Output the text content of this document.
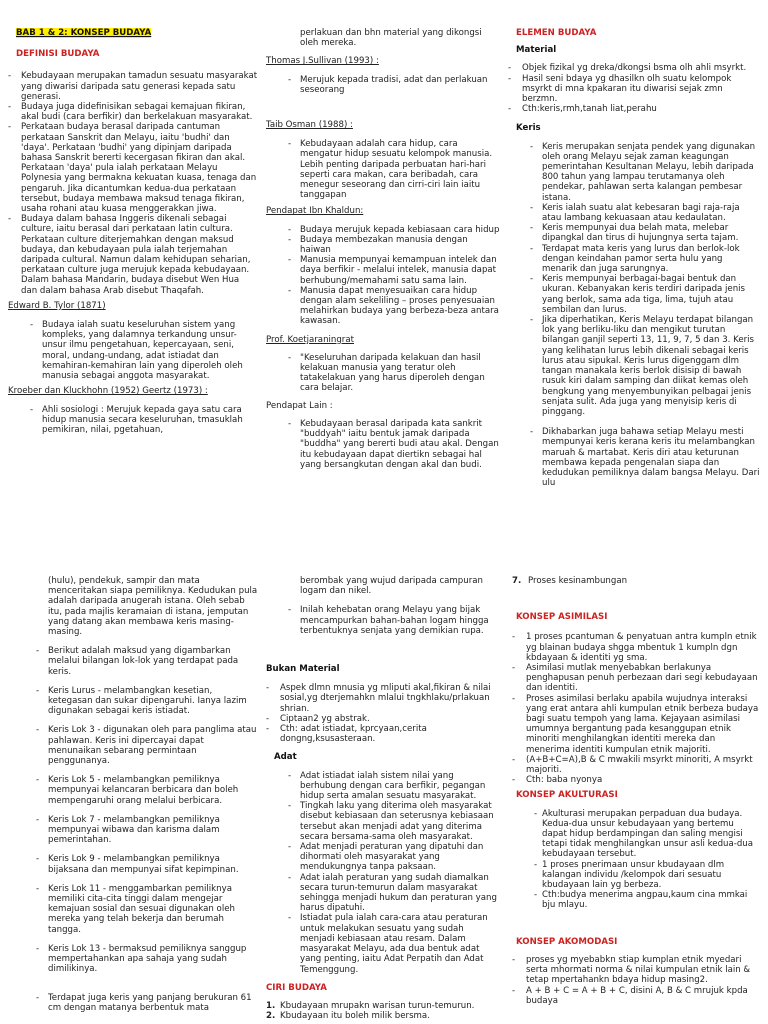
BAB 1 & 2: KONSEP BUDAYA

DEFINISI BUDAYA

- Kebudayaan merupakan tamadun sesuatu masyarakat yang diwarisi daripada satu generasi kepada satu generasi.
- Budaya juga didefinisikan sebagai kemajuan fikiran, akal budi (cara berfikir) dan berkelakuan masyarakat.
- Perkataan budaya berasal daripada cantuman perkataan Sanskrit dan Melayu, iaitu 'budhi' dan 'daya'. Perkataan 'budhi' yang dipinjam daripada bahasa Sanskrit bererti kecergasan fikiran dan akal. Perkataan 'daya' pula ialah perkataan Melayu Polynesia yang bermakna kekuatan kuasa, tenaga dan pengaruh. Jika dicantumkan kedua-dua perkataan tersebut, budaya membawa maksud tenaga fikiran, usaha rohani atau kuasa menggerakkan jiwa.
- Budaya dalam bahasa Inggeris dikenali sebagai culture, iaitu berasal dari perkataan latin cultura. Perkataan culture diterjemahkan dengan maksud budaya, dan kebudayaan pula ialah terjemahan daripada cultural. Namun dalam kehidupan seharian, perkataan culture juga merujuk kepada kebudayaan. Dalam bahasa Mandarin, budaya disebut Wen Hua dan dalam bahasa Arab disebut Thaqafah.

Edward B. Tylor (1871)

- Budaya ialah suatu keseluruhan sistem yang kompleks, yang dalamnya terkandung unsur-unsur ilmu pengetahuan, kepercayaan, seni, moral, undang-undang, adat istiadat dan kemahiran-kemahiran lain yang diperoleh oleh manusia sebagai anggota masyarakat.

Kroeber dan Kluckhohn (1952) Geertz (1973) :

- Ahli sosiologi : Merujuk kepada gaya satu cara hidup manusia secara keseluruhan, tmasuklah pemikiran, nilai, pgetahuan,

perlakuan dan bhn material yang dikongsi oleh mereka.

Thomas J.Sullivan (1993) :

- Merujuk kepada tradisi, adat dan perlakuan seseorang

Taib Osman (1988) :

- Kebudayaan adalah cara hidup, cara mengatur hidup sesuatu kelompok manusia. Lebih penting daripada perbuatan hari-hari seperti cara makan, cara beribadah, cara menegur seseorang dan cirri-ciri lain iaitu tanggapan

Pendapat Ibn Khaldun:

- Budaya merujuk kepada kebiasaan cara hidup
- Budaya membezakan manusia dengan haiwan
- Manusia mempunyai kemampuan intelek dan daya berfikir - melalui intelek, manusia dapat berhubung/memahami satu sama lain.
- Manusia dapat menyesuaikan cara hidup dengan alam sekeliling – proses penyesuaian melahirkan budaya yang berbeza-beza antara kawasan.

Prof. Koetjaraningrat

- "Keseluruhan daripada kelakuan dan hasil kelakuan manusia yang teratur oleh tatakelakuan yang harus diperoleh dengan cara belajar.

Pendapat Lain :

- Kebudayaan berasal daripada kata sankrit "buddyah" iaitu bentuk jamak daripada "buddha" yang bererti budi atau akal. Dengan itu kebudayaan dapat diertikn sebagai hal yang bersangkutan dengan akal dan budi.

ELEMEN BUDAYA

Material

- Objek fizikal yg dreka/dkongsi bsma olh ahli msyrkt.
- Hasil seni bdaya yg dhasilkn olh suatu kelompok msyrkt di mna kpakaran itu diwarisi sejak zmn berzmn.
- Cth:keris,rmh,tanah liat,perahu

Keris

- Keris merupakan senjata pendek yang digunakan oleh orang Melayu sejak zaman keagungan pemerintahan Kesultanan Melayu, lebih daripada 800 tahun yang lampau terutamanya oleh pendekar, pahlawan serta kalangan pembesar istana.
- Keris ialah suatu alat kebesaran bagi raja-raja atau lambang kekuasaan atau kedaulatan.
- Keris mempunyai dua belah mata, melebar dipangkal dan tirus di hujungnya serta tajam.
- Terdapat mata keris yang lurus dan berlok-lok dengan keindahan pamor serta hulu yang menarik dan juga sarungnya.
- Keris mempunyai berbagai-bagai bentuk dan ukuran. Kebanyakan keris terdiri daripada jenis yang berlok, sama ada tiga, lima, tujuh atau sembilan dan lurus.
- Jika diperhatikan, Keris Melayu terdapat bilangan lok yang berliku-liku dan mengikut turutan bilangan ganjil seperti 13, 11, 9, 7, 5 dan 3. Keris yang kelihatan lurus lebih dikenali sebagai keris lurus atau sipukal. Keris lurus digenggam dlm tangan manakala keris berlok disisip di bawah rusuk kiri dalam samping dan diikat kemas oleh bengkung yang menyembunyikan pelbagai jenis senjata sulit. Ada juga yang menyisip keris di pinggang.
- Dikhabarkan juga bahawa setiap Melayu mesti mempunyai keris kerana keris itu melambangkan maruah & martabat. Keris diri atau keturunan membawa kepada pengenalan siapa dan kedudukan pemiliknya dalam bangsa Melayu. Dari ulu

(hulu), pendekuk, sampir dan mata menceritakan siapa pemiliknya. Kedudukan pula adalah daripada anugerah istana. Oleh sebab itu, pada majlis keramaian di istana, jemputan yang datang akan membawa keris masing-masing.

- Berikut adalah maksud yang digambarkan melalui bilangan lok-lok yang terdapat pada keris.
- Keris Lurus - melambangkan kesetian, ketegasan dan sukar dipengaruhi. Ianya lazim digunakan sebagai keris istiadat.
- Keris Lok 3 - digunakan oleh para panglima atau pahlawan. Keris ini dipercayai dapat menunaikan sebarang permintaan penggunanya.
- Keris Lok 5 - melambangkan pemiliknya mempunyai kelancaran berbicara dan boleh mempengaruhi orang melalui berbicara.
- Keris Lok 7 - melambangkan pemiliknya mempunyai wibawa dan karisma dalam pemerintahan.
- Keris Lok 9 - melambangkan pemiliknya bijaksana dan mempunyai sifat kepimpinan.
- Keris Lok 11 - menggambarkan pemiliknya memiliki cita-cita tinggi dalam mengejar kemajuan sosial dan sesuai digunakan oleh mereka yang telah bekerja dan berumah tangga.
- Keris Lok 13 - bermaksud pemiliknya sanggup mempertahankan apa sahaja yang sudah dimilikinya.
- Terdapat juga keris yang panjang berukuran 61 cm dengan matanya berbentuk mata

berombak yang wujud daripada campuran logam dan nikel.

- Inilah kehebatan orang Melayu yang bijak mencampurkan bahan-bahan logam hingga terbentuknya senjata yang demikian rupa.

Bukan Material

- Aspek dlmn mnusia yg mliputi akal,fikiran & nilai sosial,yg dterjemahkn mlalui tngkhlaku/prlakuan shrian.
- Ciptaan2 yg abstrak.
- Cth: adat istiadat, kprcyaan,cerita dongng,ksusasteraan.

Adat

- Adat istiadat ialah sistem nilai yang berhubung dengan cara berfikir, pegangan hidup serta amalan sesuatu masyarakat.
- Tingkah laku yang diterima oleh masyarakat disebut kebiasaan dan seterusnya kebiasaan tersebut akan menjadi adat yang diterima secara bersama-sama oleh masyarakat.
- Adat menjadi peraturan yang dipatuhi dan dihormati oleh masyarakat yang mendukungnya tanpa paksaan.
- Adat ialah peraturan yang sudah diamalkan secara turun-temurun dalam masyarakat sehingga menjadi hukum dan peraturan yang harus dipatuhi.
- Istiadat pula ialah cara-cara atau peraturan untuk melakukan sesuatu yang sudah menjadi kebiasaan atau resam. Dalam masyarakat Melayu, ada dua bentuk adat yang penting, iaitu Adat Perpatih dan Adat Temenggung.

CIRI BUDAYA

1. Kbudayaan mrupakn warisan turun-temurun.
2. Kbudayaan itu boleh milik bersma.
7. Proses kesinambungan

KONSEP ASIMILASI

- 1 proses pcantuman & penyatuan antra kumpln etnik yg blainan budaya shgga mbentuk 1 kumpln dgn kbdayaan & identiti yg sma.
- Asimilasi mutlak menyebabkan berlakunya penghapusan penuh perbezaan dari segi kebudayaan dan identiti.
- Proses asimilasi berlaku apabila wujudnya interaksi yang erat antara ahli kumpulan etnik berbeza budaya bagi suatu tempoh yang lama. Kejayaan asimilasi umumnya bergantung pada kesanggupan etnik minoriti menghilangkan identiti mereka dan menerima identiti kumpulan etnik majoriti.
- (A+B+C=A),B & C mwakili msyrkt minoriti, A msyrkt majoriti.
- Cth: baba nyonya

KONSEP AKULTURASI

- Akulturasi merupakan perpaduan dua budaya. Kedua-dua unsur kebudayaan yang bertemu dapat hidup berdampingan dan saling mengisi tetapi tidak menghilangkan unsur asli kedua-dua kebudayaan tersebut.
- 1 proses pnerimaan unsur kbudayaan dlm kalangan individu /kelompok dari sesuatu kbudayaan lain yg berbeza.
- Cth:budya menerima angpau,kaum cina mmkai bju mlayu.

KONSEP AKOMODASI

- proses yg myebabkn stiap kumplan etnik myedari serta mhormati norma & nilai kumpulan etnik lain & tetap mpertahankn bdaya hidup masing2.
- A + B + C = A + B + C, disini A, B & C mrujuk kpda budaya
